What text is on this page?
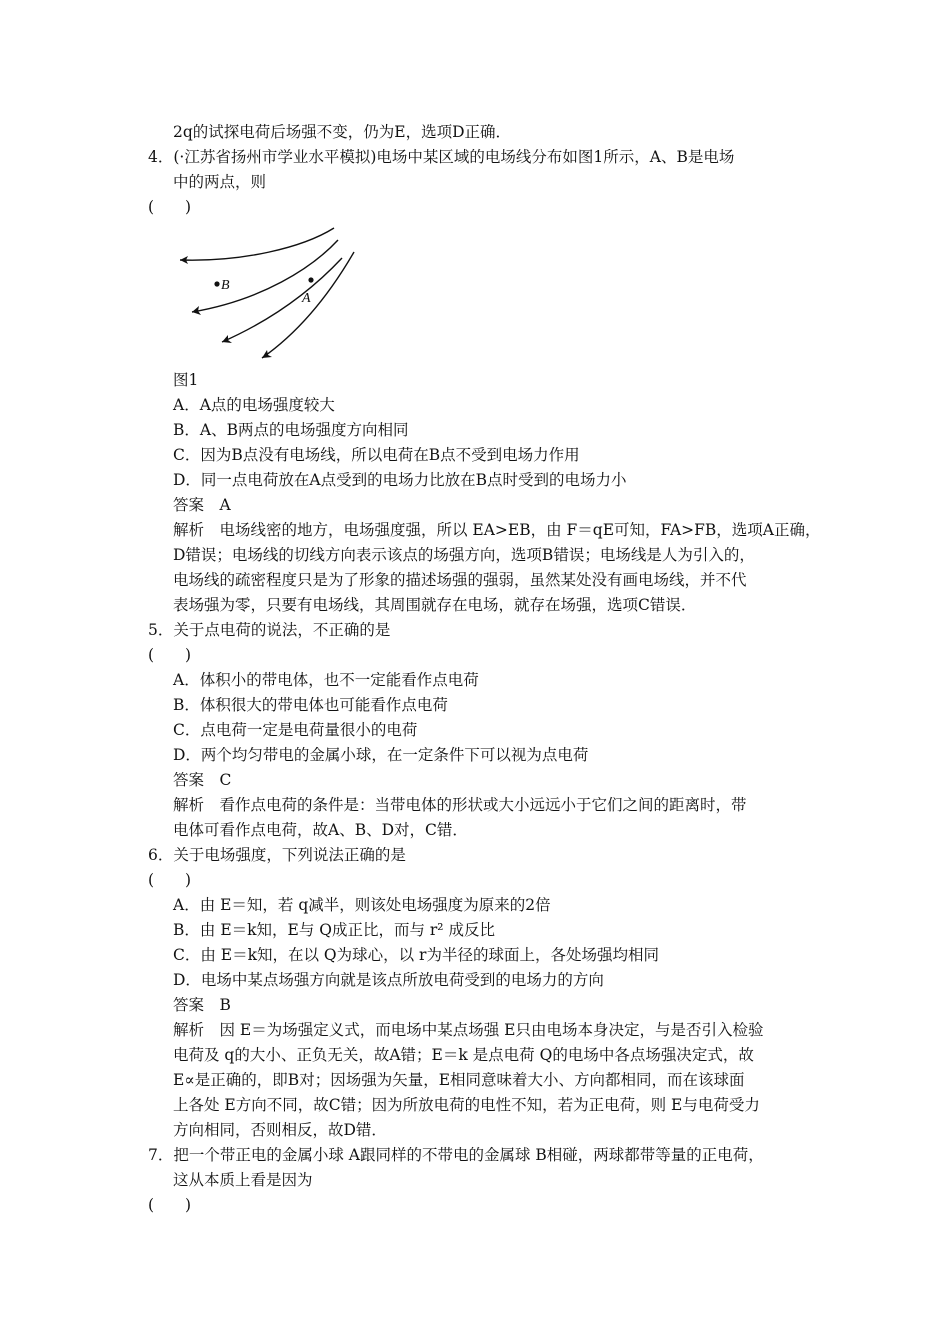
2q的试探电荷后场强不变，仍为E，选项D正确．
4．(·江苏省扬州市学业水平模拟)电场中某区域的电场线分布如图1所示，A、B是电场
中的两点，则
(　　)
B
A
图1
A．A点的电场强度较大
B．A、B两点的电场强度方向相同
C．因为B点没有电场线，所以电荷在B点不受到电场力作用
D．同一点电荷放在A点受到的电场力比放在B点时受到的电场力小
答案　A
解析　电场线密的地方，电场强度强，所以 EA>EB，由 F＝qE可知，FA>FB，选项A正确，
D错误；电场线的切线方向表示该点的场强方向，选项B错误；电场线是人为引入的，
电场线的疏密程度只是为了形象的描述场强的强弱，虽然某处没有画电场线，并不代
表场强为零，只要有电场线，其周围就存在电场，就存在场强，选项C错误．
5．关于点电荷的说法，不正确的是
(　　)
A．体积小的带电体，也不一定能看作点电荷
B．体积很大的带电体也可能看作点电荷
C．点电荷一定是电荷量很小的电荷
D．两个均匀带电的金属小球，在一定条件下可以视为点电荷
答案　C
解析　看作点电荷的条件是：当带电体的形状或大小远远小于它们之间的距离时，带
电体可看作点电荷，故A、B、D对，C错．
6．关于电场强度，下列说法正确的是
(　　)
A．由 E＝知，若 q减半，则该处电场强度为原来的2倍
B．由 E＝k知，E与 Q成正比，而与 r² 成反比
C．由 E＝k知，在以 Q为球心，以 r为半径的球面上，各处场强均相同
D．电场中某点场强方向就是该点所放电荷受到的电场力的方向
答案　B
解析　因 E＝为场强定义式，而电场中某点场强 E只由电场本身决定，与是否引入检验
电荷及 q的大小、正负无关，故A错；E＝k 是点电荷 Q的电场中各点场强决定式，故
E∝是正确的，即B对；因场强为矢量，E相同意味着大小、方向都相同，而在该球面
上各处 E方向不同，故C错；因为所放电荷的电性不知，若为正电荷，则 E与电荷受力
方向相同，否则相反，故D错．
7．把一个带正电的金属小球 A跟同样的不带电的金属球 B相碰，两球都带等量的正电荷，
这从本质上看是因为
(　　)
